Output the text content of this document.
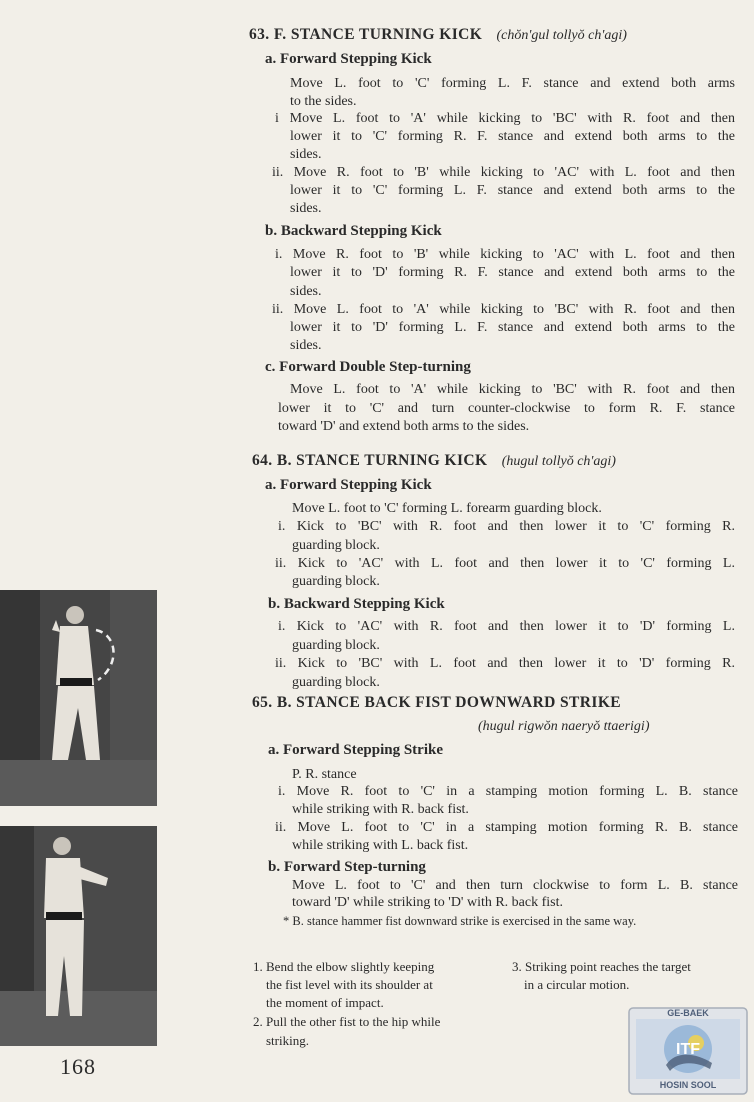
63. F. STANCE TURNING KICK (chŏn'gul tollyŏ ch'agi)
a. Forward Stepping Kick
Move L. foot to 'C' forming L. F. stance and extend both arms
to the sides.
i Move L. foot to 'A' while kicking to 'BC' with R. foot and then
lower it to 'C' forming R. F. stance and extend both arms to the
sides.
ii. Move R. foot to 'B' while kicking to 'AC' with L. foot and then
lower it to 'C' forming L. F. stance and extend both arms to the
sides.
b. Backward Stepping Kick
i. Move R. foot to 'B' while kicking to 'AC' with L. foot and then
lower it to 'D' forming R. F. stance and extend both arms to the
sides.
ii. Move L. foot to 'A' while kicking to 'BC' with R. foot and then
lower it to 'D' forming L. F. stance and extend both arms to the
sides.
c. Forward Double Step-turning
Move L. foot to 'A' while kicking to 'BC' with R. foot and then
lower it to 'C' and turn counter-clockwise to form R. F. stance
toward 'D' and extend both arms to the sides.
64. B. STANCE TURNING KICK (hugul tollyŏ ch'agi)
a. Forward Stepping Kick
Move L. foot to 'C' forming L. forearm guarding block.
i. Kick to 'BC' with R. foot and then lower it to 'C' forming R.
guarding block.
ii. Kick to 'AC' with L. foot and then lower it to 'C' forming L.
guarding block.
b. Backward Stepping Kick
i. Kick to 'AC' with R. foot and then lower it to 'D' forming L.
guarding block.
ii. Kick to 'BC' with L. foot and then lower it to 'D' forming R.
guarding block.
65. B. STANCE BACK FIST DOWNWARD STRIKE
(hugul rigwŏn naeryŏ ttaerigi)
a. Forward Stepping Strike
P. R. stance
i. Move R. foot to 'C' in a stamping motion forming L. B. stance
while striking with R. back fist.
ii. Move L. foot to 'C' in a stamping motion forming R. B. stance
while striking with L. back fist.
b. Forward Step-turning
Move L. foot to 'C' and then turn clockwise to form L. B. stance
toward 'D' while striking to 'D' with R. back fist.
* B. stance hammer fist downward strike is exercised in the same way.
1. Bend the elbow slightly keeping
the fist level with its shoulder at
the moment of impact.
2. Pull the other fist to the hip while
striking.
3. Striking point reaches the target
in a circular motion.
168
GE-BAEK
ITF
HOSIN SOOL
